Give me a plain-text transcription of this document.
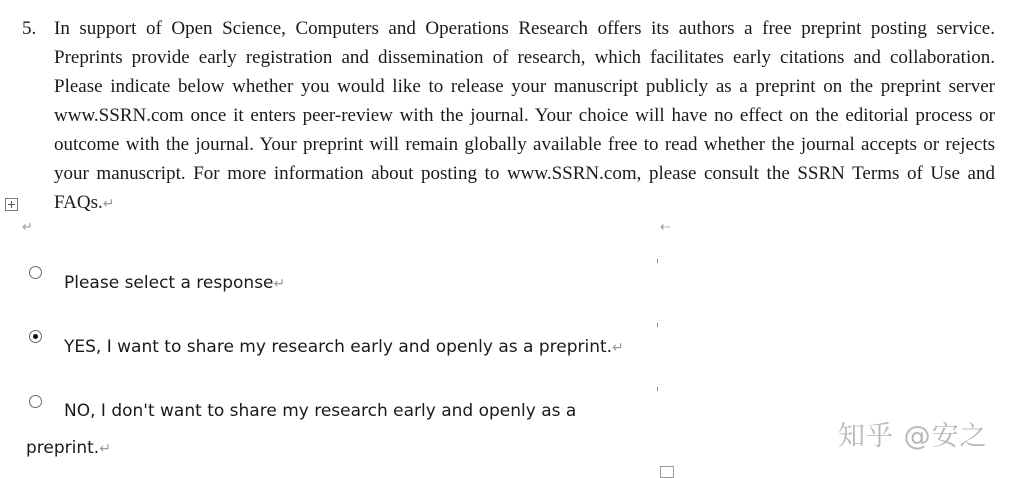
5. In support of Open Science, Computers and Operations Research offers its authors a free preprint posting service.
Preprints provide early registration and dissemination of research, which facilitates early citations and collaboration.
Please indicate below whether you would like to release your manuscript publicly as a preprint on the preprint server
www.SSRN.com once it enters peer-review with the journal. Your choice will have no effect on the editorial process or
outcome with the journal. Your preprint will remain globally available free to read whether the journal accepts or rejects
your manuscript. For more information about posting to www.SSRN.com, please consult the SSRN Terms of Use and
FAQs.↵
↵	⇠
Please select a response↵
YES, I want to share my research early and openly as a preprint.↵
NO, I don't want to share my research early and openly as a
preprint.↵	知乎 @安之
